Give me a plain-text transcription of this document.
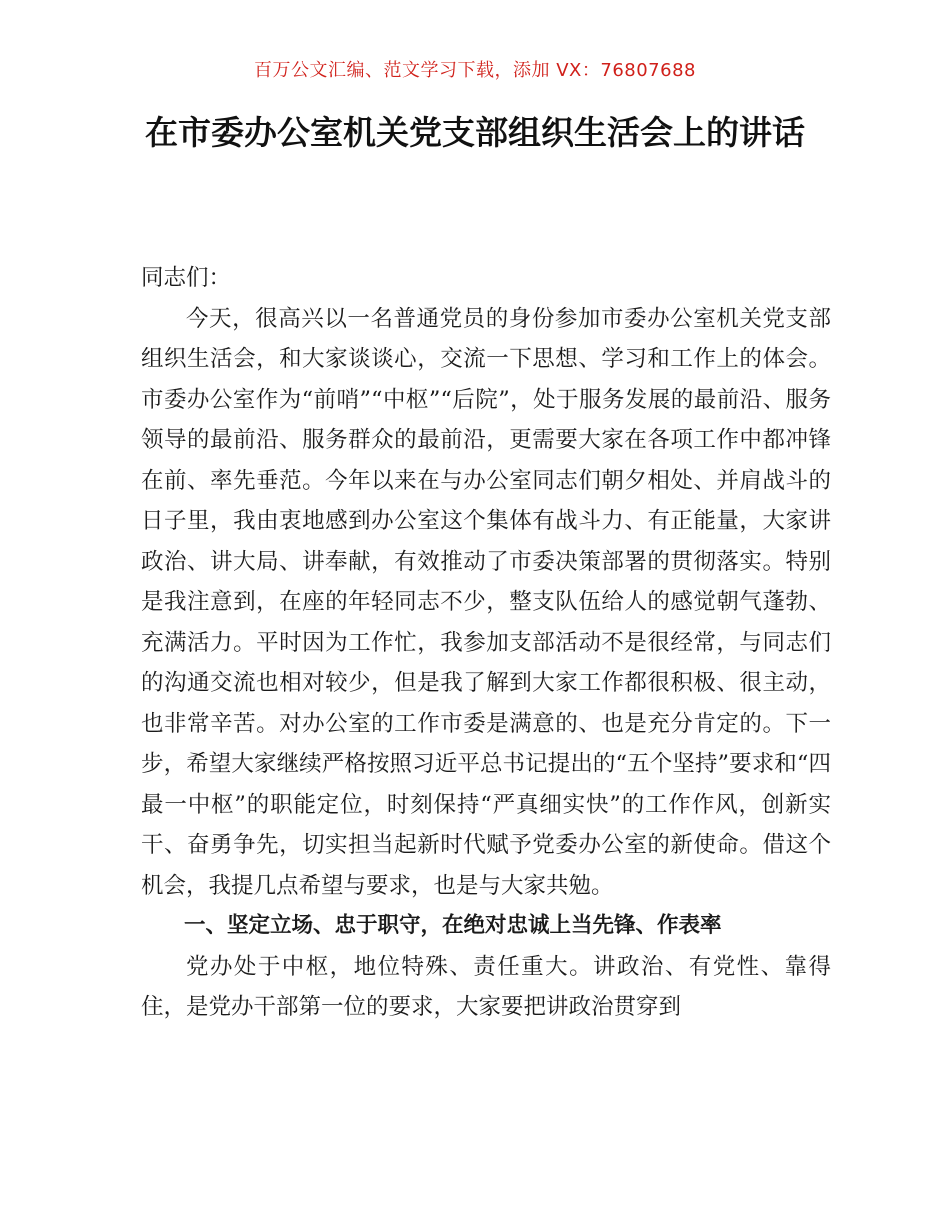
百万公文汇编、范文学习下载，添加 VX：76807688
在市委办公室机关党支部组织生活会上的讲话

同志们：

今天，很高兴以一名普通党员的身份参加市委办公室机关党支部组织生活会，和大家谈谈心，交流一下思想、学习和工作上的体会。市委办公室作为“前哨”“中枢”“后院”，处于服务发展的最前沿、服务领导的最前沿、服务群众的最前沿，更需要大家在各项工作中都冲锋在前、率先垂范。今年以来在与办公室同志们朝夕相处、并肩战斗的日子里，我由衷地感到办公室这个集体有战斗力、有正能量，大家讲政治、讲大局、讲奉献，有效推动了市委决策部署的贯彻落实。特别是我注意到，在座的年轻同志不少，整支队伍给人的感觉朝气蓬勃、充满活力。平时因为工作忙，我参加支部活动不是很经常，与同志们的沟通交流也相对较少，但是我了解到大家工作都很积极、很主动，也非常辛苦。对办公室的工作市委是满意的、也是充分肯定的。下一步，希望大家继续严格按照习近平总书记提出的“五个坚持”要求和“四最一中枢”的职能定位，时刻保持“严真细实快”的工作作风，创新实干、奋勇争先，切实担当起新时代赋予党委办公室的新使命。借这个机会，我提几点希望与要求，也是与大家共勉。

一、坚定立场、忠于职守，在绝对忠诚上当先锋、作表率

党办处于中枢，地位特殊、责任重大。讲政治、有党性、靠得住，是党办干部第一位的要求，大家要把讲政治贯穿到
